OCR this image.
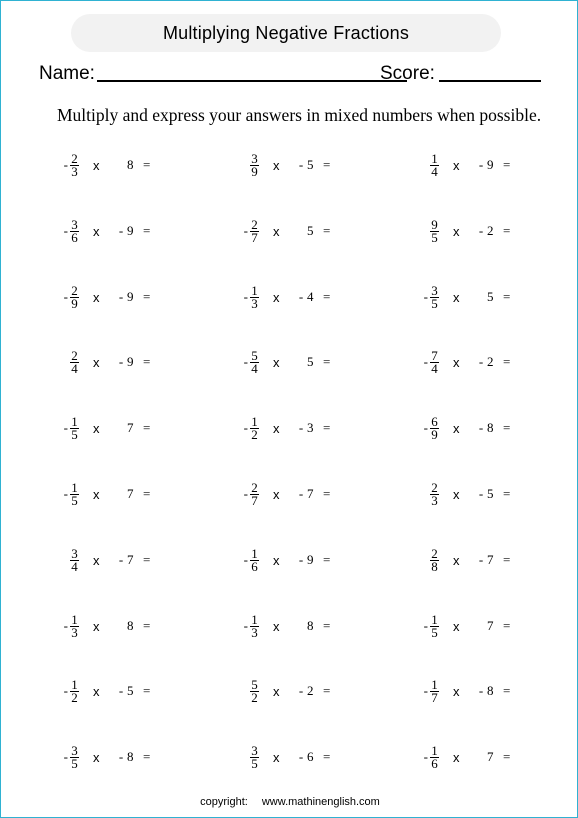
Multiplying Negative Fractions
Name:	Score:
Multiply and express your answers in mixed numbers when possible.
- $\frac{2}{3}$ x 8 =	$\frac{3}{9}$ x - 5 =	$\frac{1}{4}$ x - 9 =
- $\frac{3}{6}$ x - 9 =	- $\frac{2}{7}$ x 5 =	$\frac{9}{5}$ x - 2 =
- $\frac{2}{9}$ x - 9 =	- $\frac{1}{3}$ x - 4 =	- $\frac{3}{5}$ x 5 =
$\frac{2}{4}$ x - 9 =	- $\frac{5}{4}$ x 5 =	- $\frac{7}{4}$ x - 2 =
- $\frac{1}{5}$ x 7 =	- $\frac{1}{2}$ x - 3 =	- $\frac{6}{9}$ x - 8 =
- $\frac{1}{5}$ x 7 =	- $\frac{2}{7}$ x - 7 =	$\frac{2}{3}$ x - 5 =
$\frac{3}{4}$ x - 7 =	- $\frac{1}{6}$ x - 9 =	$\frac{2}{8}$ x - 7 =
- $\frac{1}{3}$ x 8 =	- $\frac{1}{3}$ x 8 =	- $\frac{1}{5}$ x 7 =
- $\frac{1}{2}$ x - 5 =	$\frac{5}{2}$ x - 2 =	- $\frac{1}{7}$ x - 8 =
- $\frac{3}{5}$ x - 8 =	$\frac{3}{5}$ x - 6 =	- $\frac{1}{6}$ x 7 =
copyright: www.mathinenglish.com
